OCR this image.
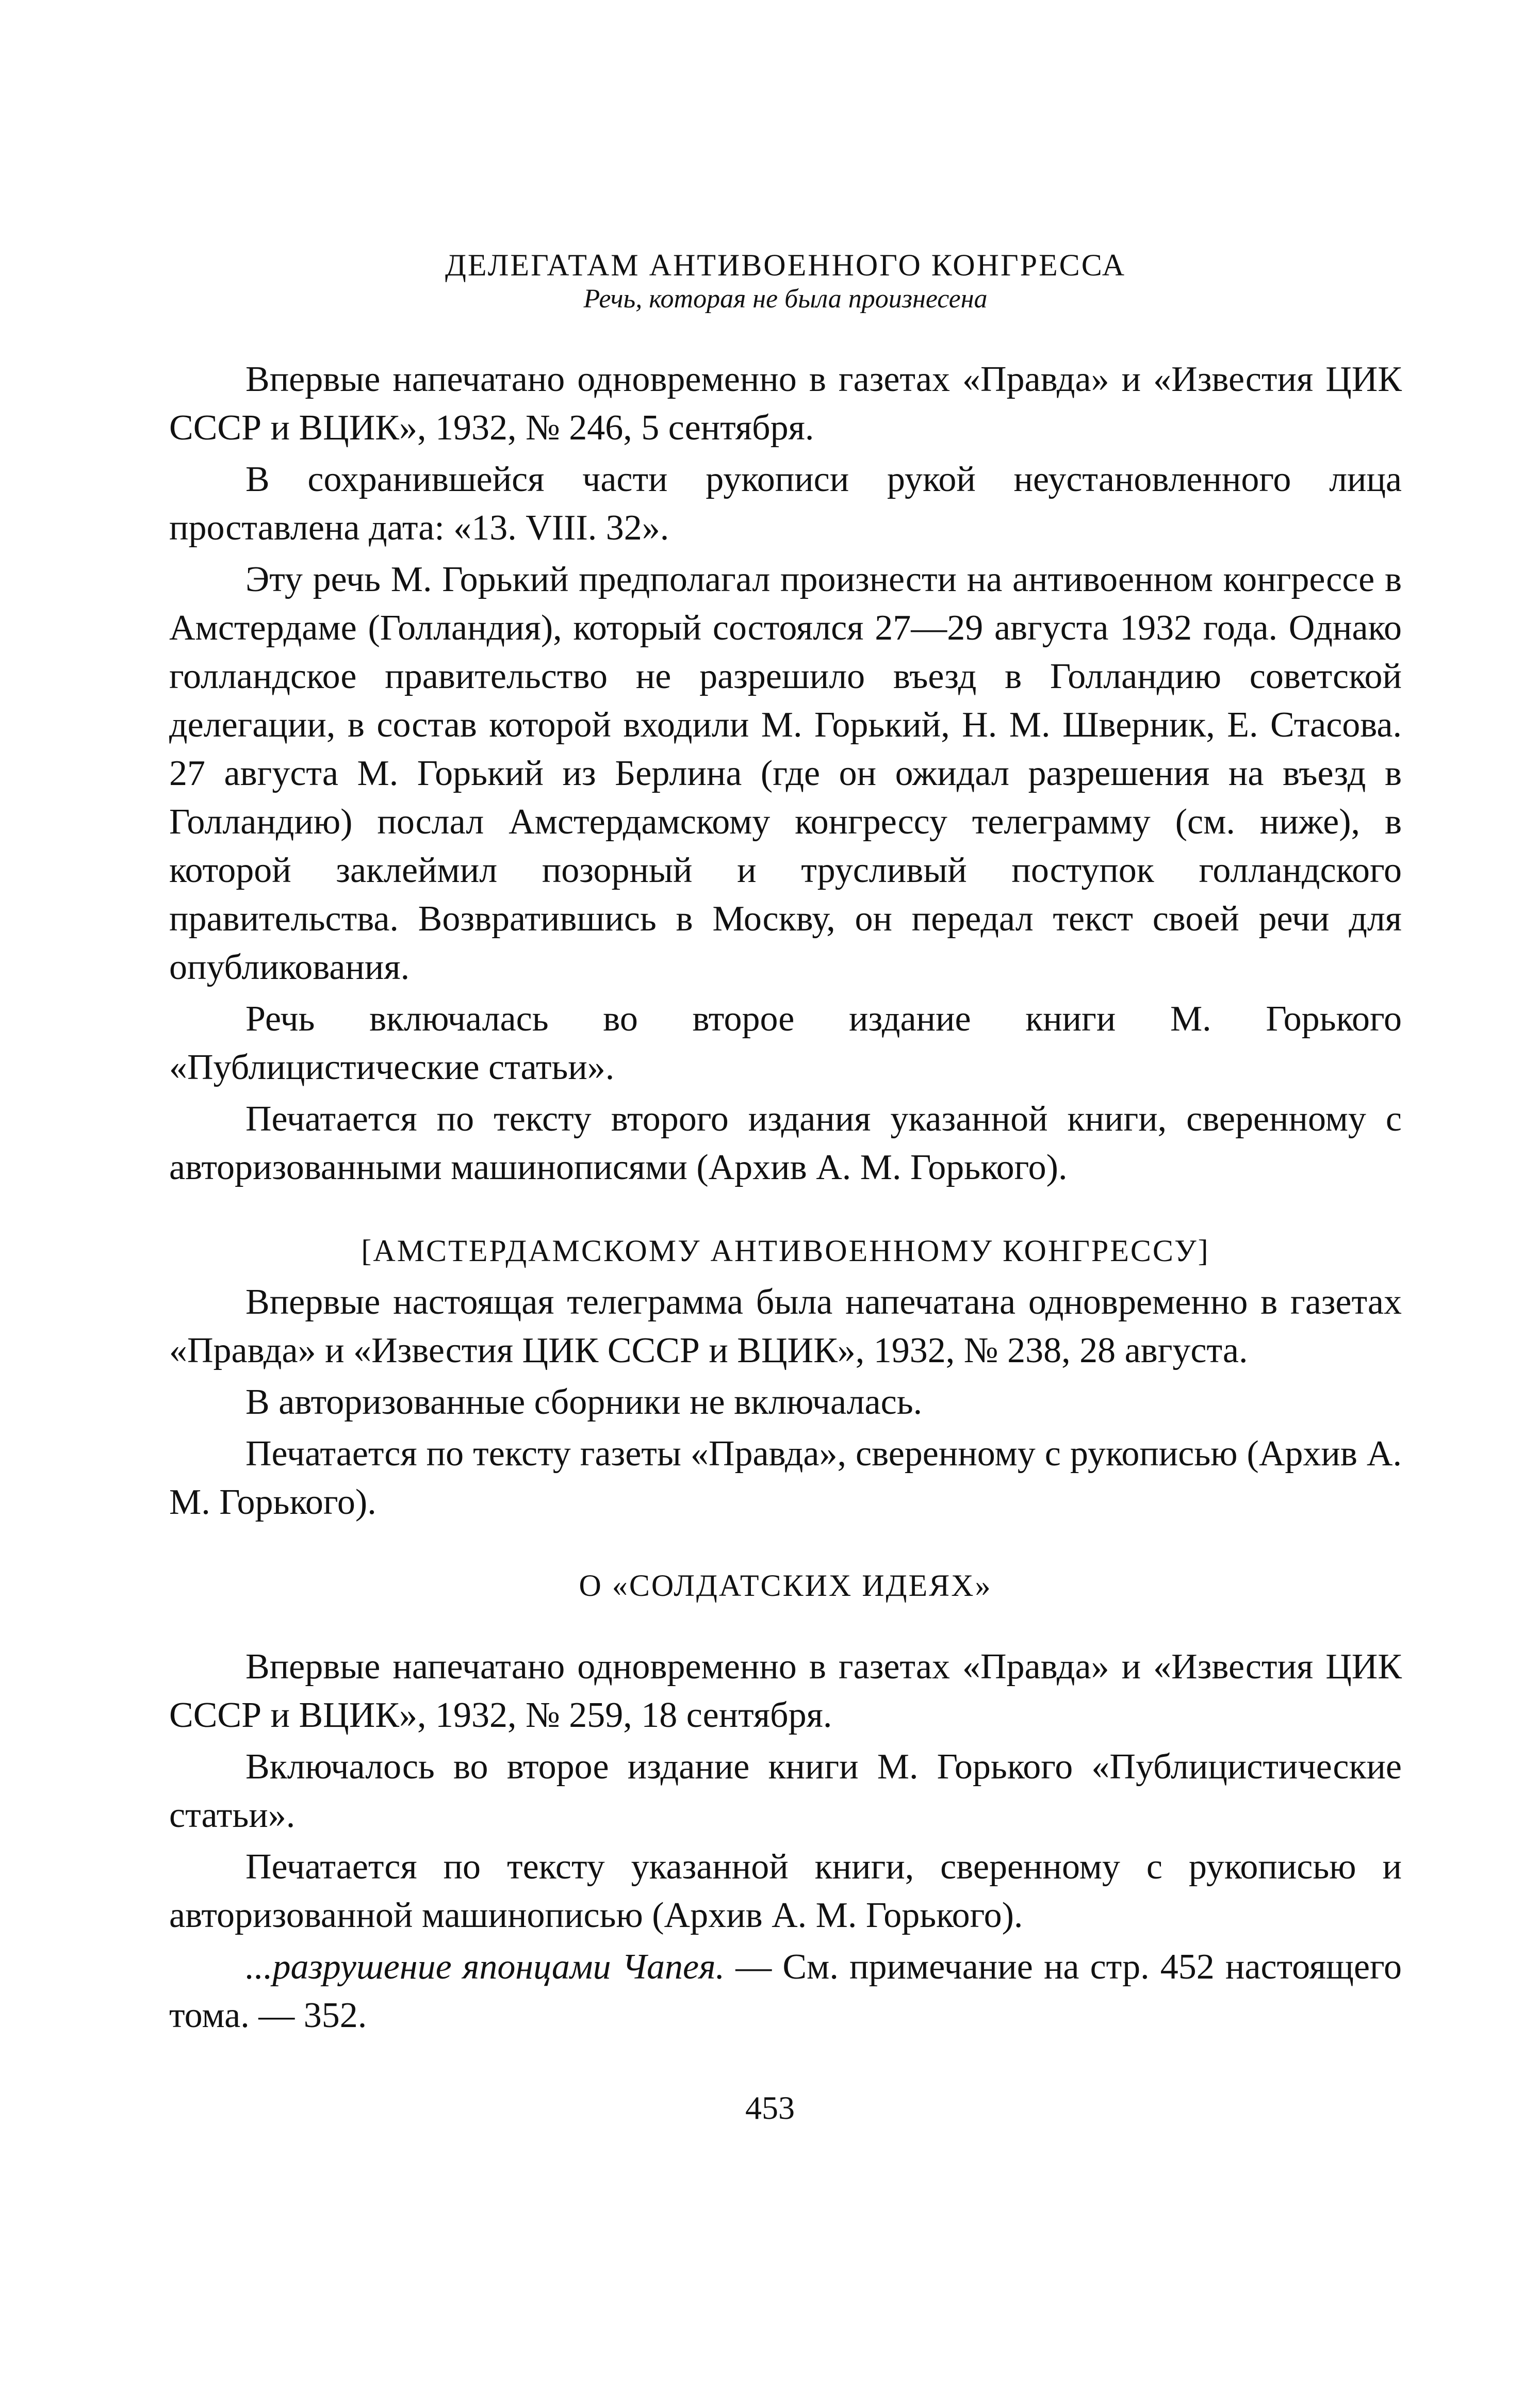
ДЕЛЕГАТАМ АНТИВОЕННОГО КОНГРЕССА

Речь, которая не была произнесена

Впервые напечатано одновременно в газетах «Правда» и «Известия ЦИК СССР и ВЦИК», 1932, № 246, 5 сентября.

В сохранившейся части рукописи рукой неустановленного лица проставлена дата: «13. VIII. 32».

Эту речь М. Горький предполагал произнести на антивоенном конгрессе в Амстердаме (Голландия), который состоялся 27—29 августа 1932 года. Однако голландское правительство не разрешило въезд в Голландию советской делегации, в состав которой входили М. Горький, Н. М. Шверник, Е. Стасова. 27 августа М. Горький из Берлина (где он ожидал разрешения на въезд в Голландию) послал Амстердамскому конгрессу телеграмму (см. ниже), в которой заклеймил позорный и трусливый поступок голландского правительства. Возвратившись в Москву, он передал текст своей речи для опубликования.

Речь включалась во второе издание книги М. Горького «Публицистические статьи».

Печатается по тексту второго издания указанной книги, сверенному с авторизованными машинописями (Архив А. М. Горького).

[АМСТЕРДАМСКОМУ АНТИВОЕННОМУ КОНГРЕССУ]

Впервые настоящая телеграмма была напечатана одновременно в газетах «Правда» и «Известия ЦИК СССР и ВЦИК», 1932, № 238, 28 августа.

В авторизованные сборники не включалась.

Печатается по тексту газеты «Правда», сверенному с рукописью (Архив А. М. Горького).

О «СОЛДАТСКИХ ИДЕЯХ»

Впервые напечатано одновременно в газетах «Правда» и «Известия ЦИК СССР и ВЦИК», 1932, № 259, 18 сентября.

Включалось во второе издание книги М. Горького «Публицистические статьи».

Печатается по тексту указанной книги, сверенному с рукописью и авторизованной машинописью (Архив А. М. Горького).

...разрушение японцами Чапея. — См. примечание на стр. 452 настоящего тома. — 352.

453
